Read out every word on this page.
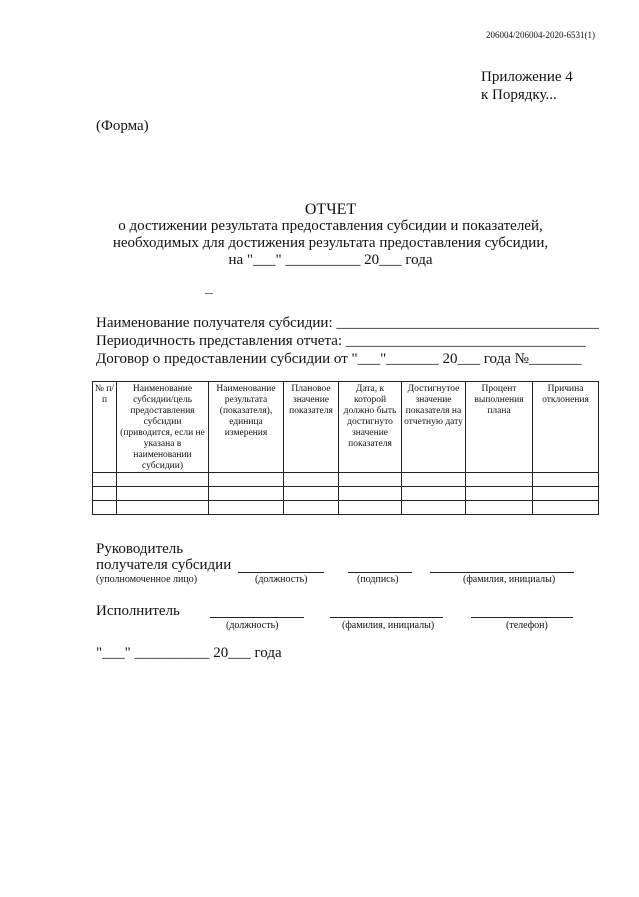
206004/206004-2020-6531(1)
Приложение 4
к Порядку...
(Форма)
ОТЧЕТ
о достижении результата предоставления субсидии и показателей,
необходимых для достижения результата предоставления субсидии,
на "___" __________ 20___ года
Наименование получателя субсидии: ___________________________________
Периодичность представления отчета: ________________________________
Договор о предоставлении субсидии от "___"_______ 20___ года №_______
№ п/п	Наименование субсидии/цель предоставления субсидии (приводится, если не указана в наименовании субсидии)	Наименование результата (показателя), единица измерения	Плановое значение показателя	Дата, к которой должно быть достигнуто значение показателя	Достигнутое значение показателя на отчетную дату	Процент выполнения плана	Причина отклонения

Руководитель
получателя субсидии
(уполномоченное лицо)	(должность)	(подпись)	(фамилия, инициалы)
Исполнитель
(должность)	(фамилия, инициалы)	(телефон)
"___" __________ 20___ года
